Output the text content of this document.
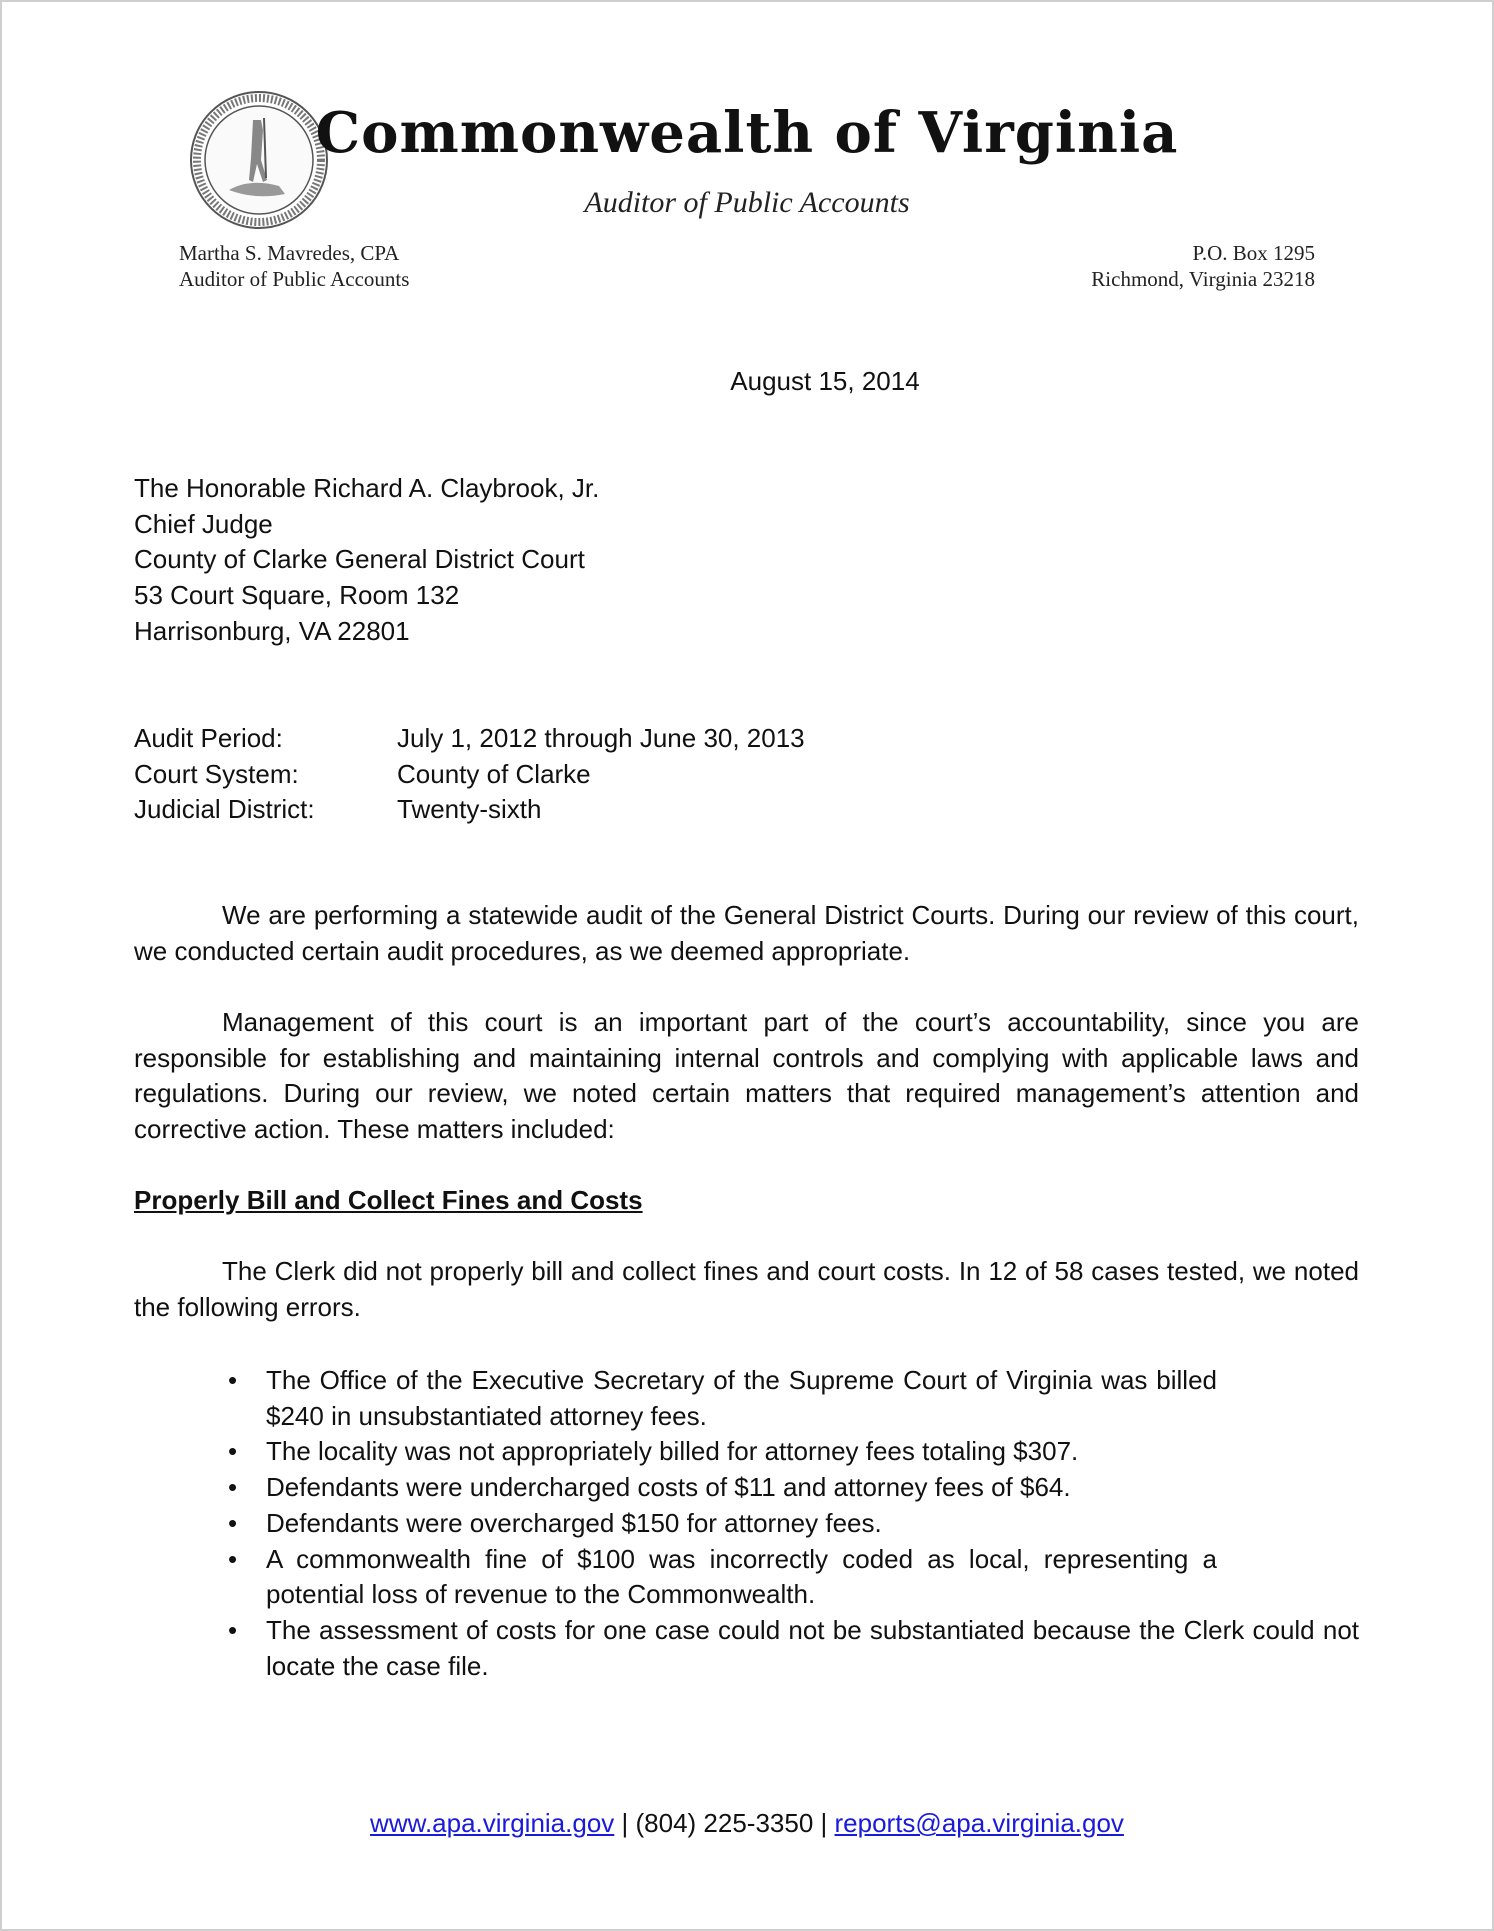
Commonwealth of Virginia
Auditor of Public Accounts
Martha S. Mavredes, CPA
Auditor of Public Accounts
P.O. Box 1295
Richmond, Virginia 23218
August 15, 2014
The Honorable Richard A. Claybrook, Jr.
Chief Judge
County of Clarke General District Court
53 Court Square, Room 132
Harrisonburg, VA 22801
Audit Period:	July 1, 2012 through June 30, 2013
Court System:	County of Clarke
Judicial District:	Twenty-sixth
We are performing a statewide audit of the General District Courts. During our review of this court, we conducted certain audit procedures, as we deemed appropriate.
Management of this court is an important part of the court’s accountability, since you are responsible for establishing and maintaining internal controls and complying with applicable laws and regulations. During our review, we noted certain matters that required management’s attention and corrective action. These matters included:
Properly Bill and Collect Fines and Costs
The Clerk did not properly bill and collect fines and court costs. In 12 of 58 cases tested, we noted the following errors.
• The Office of the Executive Secretary of the Supreme Court of Virginia was billed $240 in unsubstantiated attorney fees.
• The locality was not appropriately billed for attorney fees totaling $307.
• Defendants were undercharged costs of $11 and attorney fees of $64.
• Defendants were overcharged $150 for attorney fees.
• A commonwealth fine of $100 was incorrectly coded as local, representing a potential loss of revenue to the Commonwealth.
• The assessment of costs for one case could not be substantiated because the Clerk could not locate the case file.
www.apa.virginia.gov | (804) 225-3350 | reports@apa.virginia.gov
